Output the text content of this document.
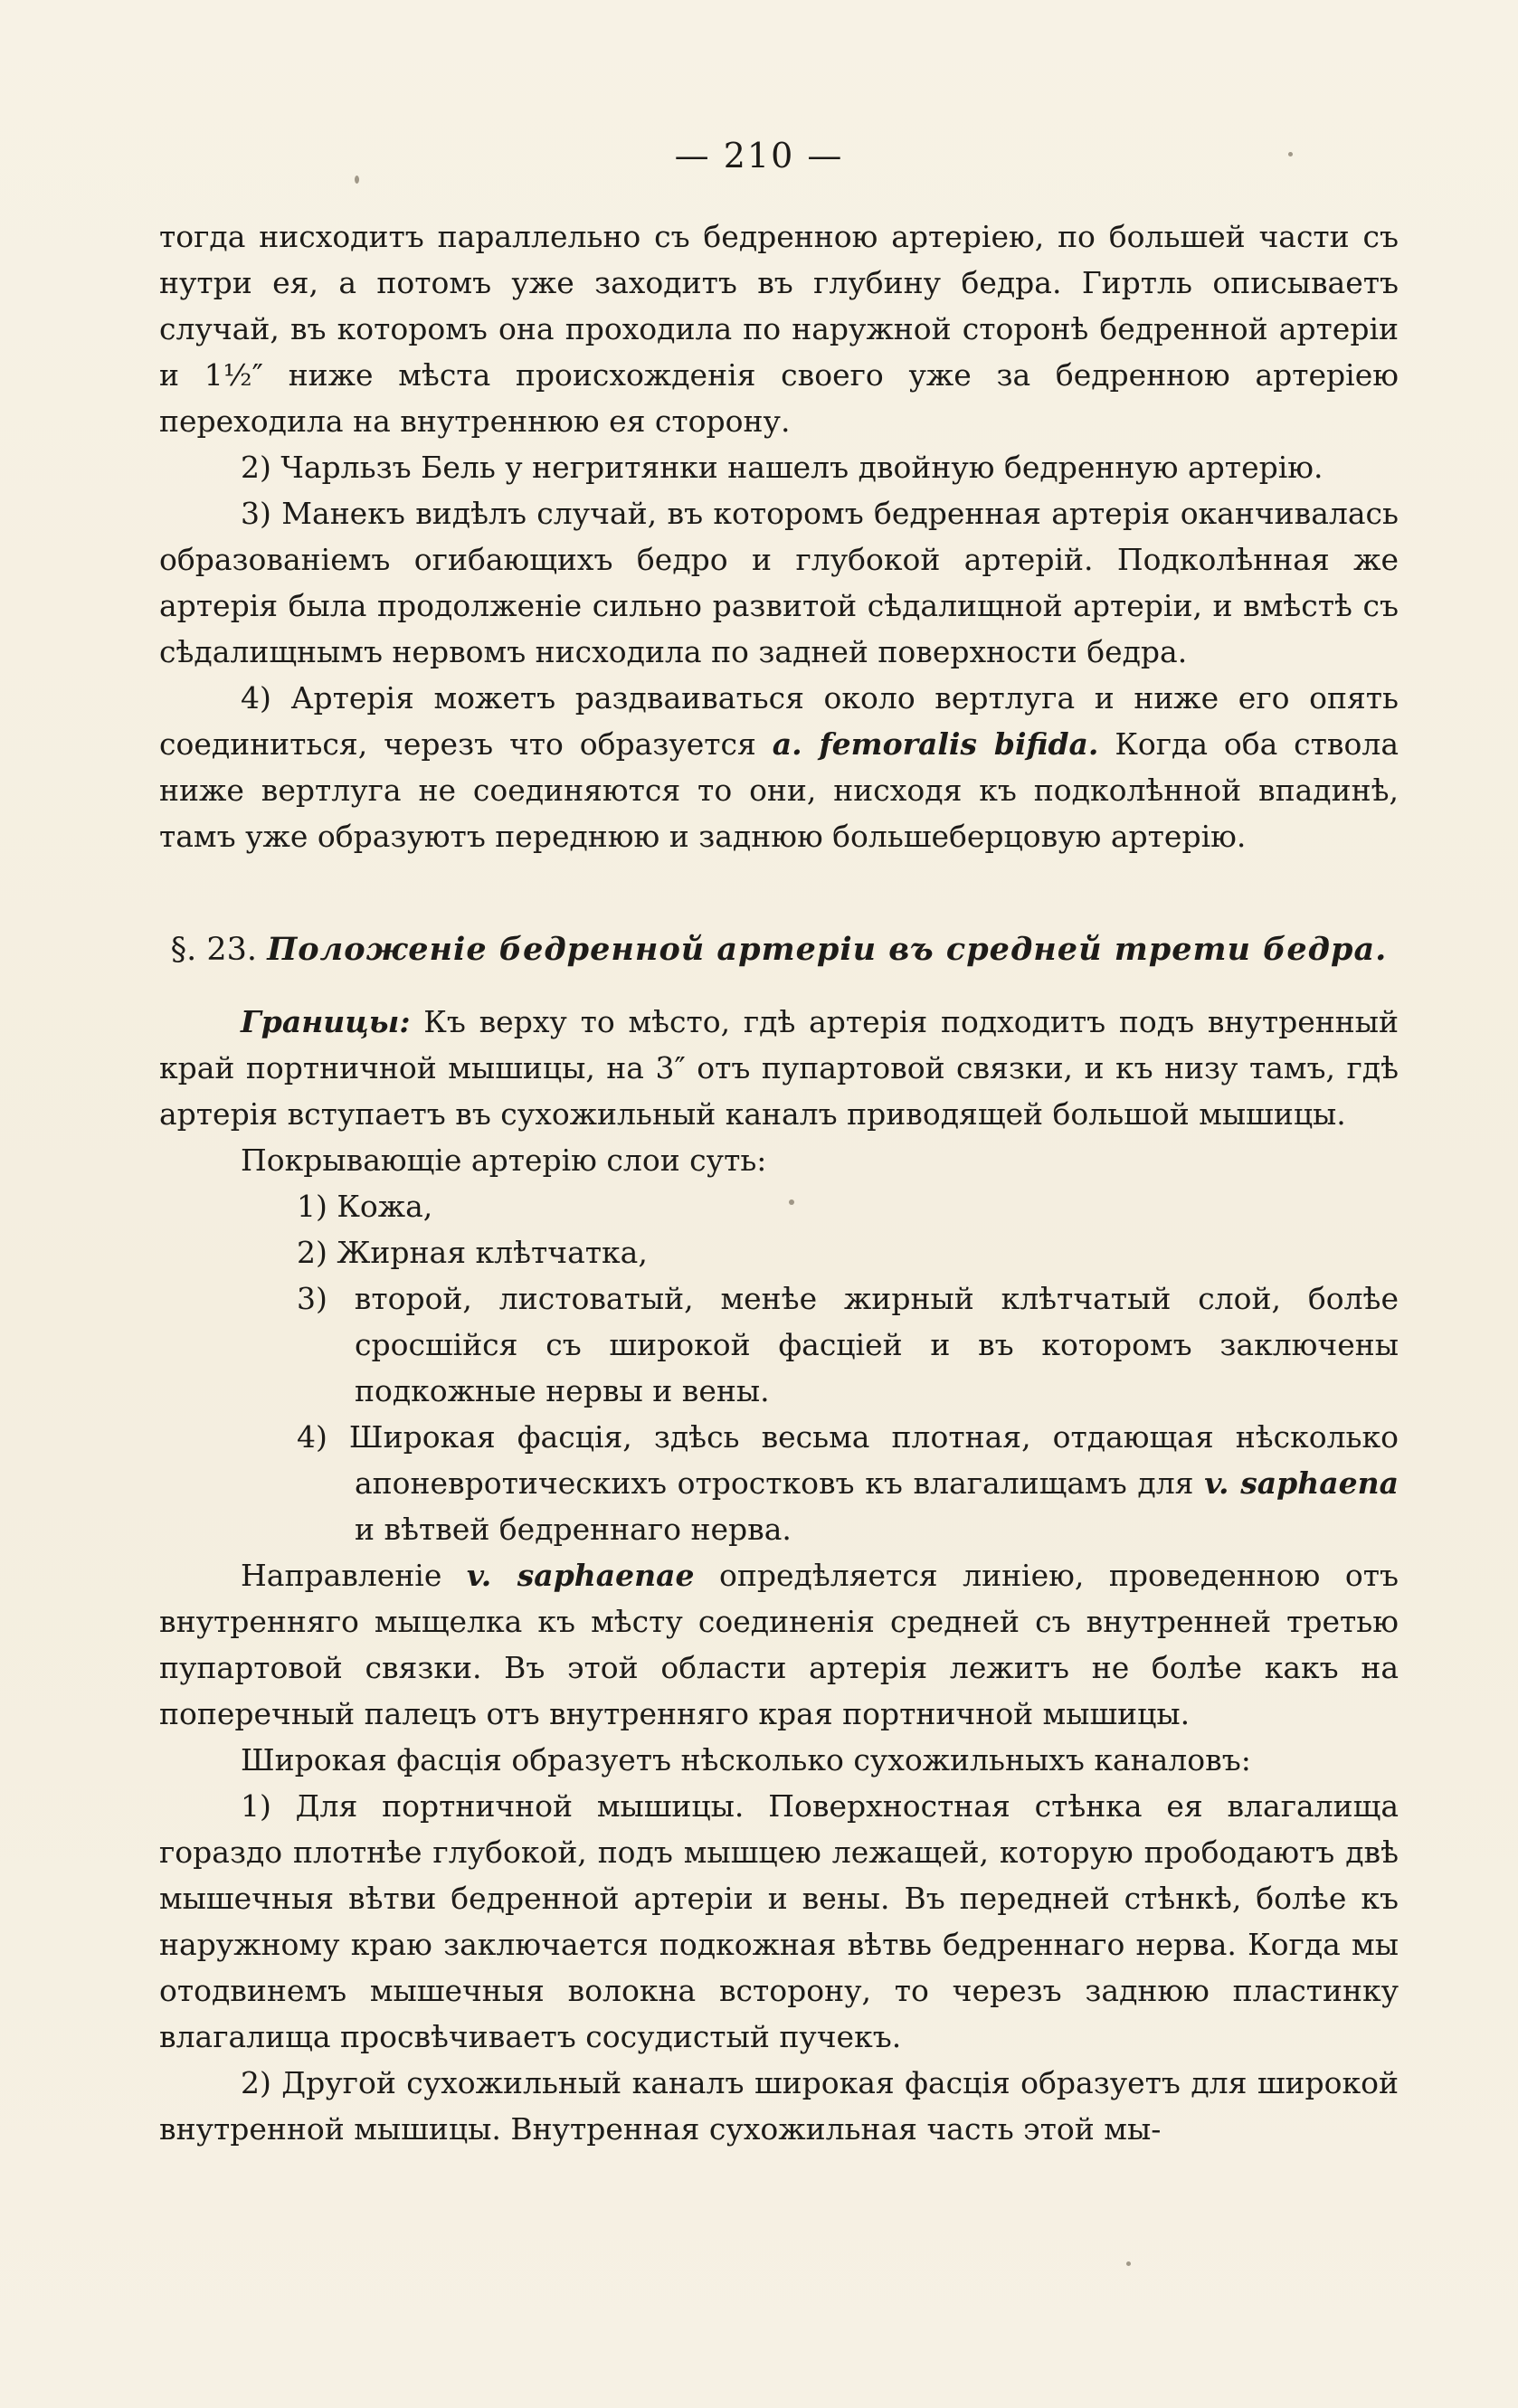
— 210 —

тогда нисходитъ параллельно съ бедренною артеріею, по большей части съ нутри ея, а потомъ уже заходитъ въ глубину бедра. Гиртль описываетъ случай, въ которомъ она проходила по наружной сторонѣ бедренной артеріи и 1½″ ниже мѣста происхожденія своего уже за бедренною артеріею переходила на внутреннюю ея сторону.

2) Чарльзъ Бель у негритянки нашелъ двойную бедренную артерію.

3) Манекъ видѣлъ случай, въ которомъ бедренная артерія оканчивалась образованіемъ огибающихъ бедро и глубокой артерій. Подколѣнная же артерія была продолженіе сильно развитой сѣдалищной артеріи, и вмѣстѣ съ сѣдалищнымъ нервомъ нисходила по задней поверхности бедра.

4) Артерія можетъ раздваиваться около вертлуга и ниже его опять соединиться, черезъ что образуется a. femoralis bifida. Когда оба ствола ниже вертлуга не соединяются то они, нисходя къ подколѣнной впадинѣ, тамъ уже образуютъ переднюю и заднюю большеберцовую артерію.

§. 23. Положеніе бедренной артеріи въ средней трети бедра.

Границы: Къ верху то мѣсто, гдѣ артерія подходитъ подъ внутренный край портничной мышицы, на 3″ отъ пупартовой связки, и къ низу тамъ, гдѣ артерія вступаетъ въ сухожильный каналъ приводящей большой мышицы.

Покрывающіе артерію слои суть:

1) Кожа,

2) Жирная клѣтчатка,

3) второй, листоватый, менѣе жирный клѣтчатый слой, болѣе сросшійся съ широкой фасціей и въ которомъ заключены подкожные нервы и вены.

4) Широкая фасція, здѣсь весьма плотная, отдающая нѣсколько апоневротическихъ отростковъ къ влагалищамъ для v. saphaena и вѣтвей бедреннаго нерва.

Направленіе v. saphaenae опредѣляется линіею, проведенною отъ внутренняго мыщелка къ мѣсту соединенія средней съ внутренней третью пупартовой связки. Въ этой области артерія лежитъ не болѣе какъ на поперечный палецъ отъ внутренняго края портничной мышицы.

Широкая фасція образуетъ нѣсколько сухожильныхъ каналовъ:

1) Для портничной мышицы. Поверхностная стѣнка ея влагалища гораздо плотнѣе глубокой, подъ мышцею лежащей, которую прободаютъ двѣ мышечныя вѣтви бедренной артеріи и вены. Въ передней стѣнкѣ, болѣе къ наружному краю заключается подкожная вѣтвь бедреннаго нерва. Когда мы отодвинемъ мышечныя волокна всторону, то черезъ заднюю пластинку влагалища просвѣчиваетъ сосудистый пучекъ.

2) Другой сухожильный каналъ широкая фасція образуетъ для широкой внутренной мышицы. Внутренная сухожильная часть этой мы-
